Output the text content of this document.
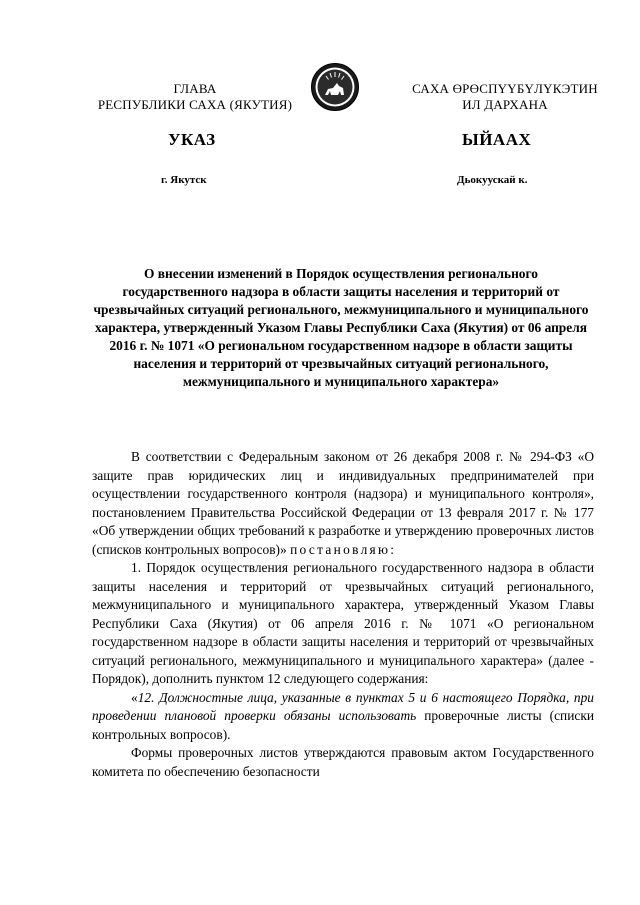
ГЛАВА
РЕСПУБЛИКИ САХА (ЯКУТИЯ)
САХА ӨРӨСПҮҮБҮЛҮКЭТИН
ИЛ ДАРХАНА
УКАЗ	ЫЙААХ
г. Якутск	Дьокуускай к.
О внесении изменений в Порядок осуществления регионального государственного надзора в области защиты населения и территорий от чрезвычайных ситуаций регионального, межмуниципального и муниципального характера, утвержденный Указом Главы Республики Саха (Якутия) от 06 апреля 2016 г. № 1071 «О региональном государственном надзоре в области защиты населения и территорий от чрезвычайных ситуаций регионального, межмуниципального и муниципального характера»

В соответствии с Федеральным законом от 26 декабря 2008 г. № 294-ФЗ «О защите прав юридических лиц и индивидуальных предпринимателей при осуществлении государственного контроля (надзора) и муниципального контроля», постановлением Правительства Российской Федерации от 13 февраля 2017 г. № 177 «Об утверждении общих требований к разработке и утверждению проверочных листов (списков контрольных вопросов)» постановляю:

1. Порядок осуществления регионального государственного надзора в области защиты населения и территорий от чрезвычайных ситуаций регионального, межмуниципального и муниципального характера, утвержденный Указом Главы Республики Саха (Якутия) от 06 апреля 2016 г. № 1071 «О региональном государственном надзоре в области защиты населения и территорий от чрезвычайных ситуаций регионального, межмуниципального и муниципального характера» (далее - Порядок), дополнить пунктом 12 следующего содержания:

«12. Должностные лица, указанные в пунктах 5 и 6 настоящего Порядка, при проведении плановой проверки обязаны использовать проверочные листы (списки контрольных вопросов).

Формы проверочных листов утверждаются правовым актом Государственного комитета по обеспечению безопасности
